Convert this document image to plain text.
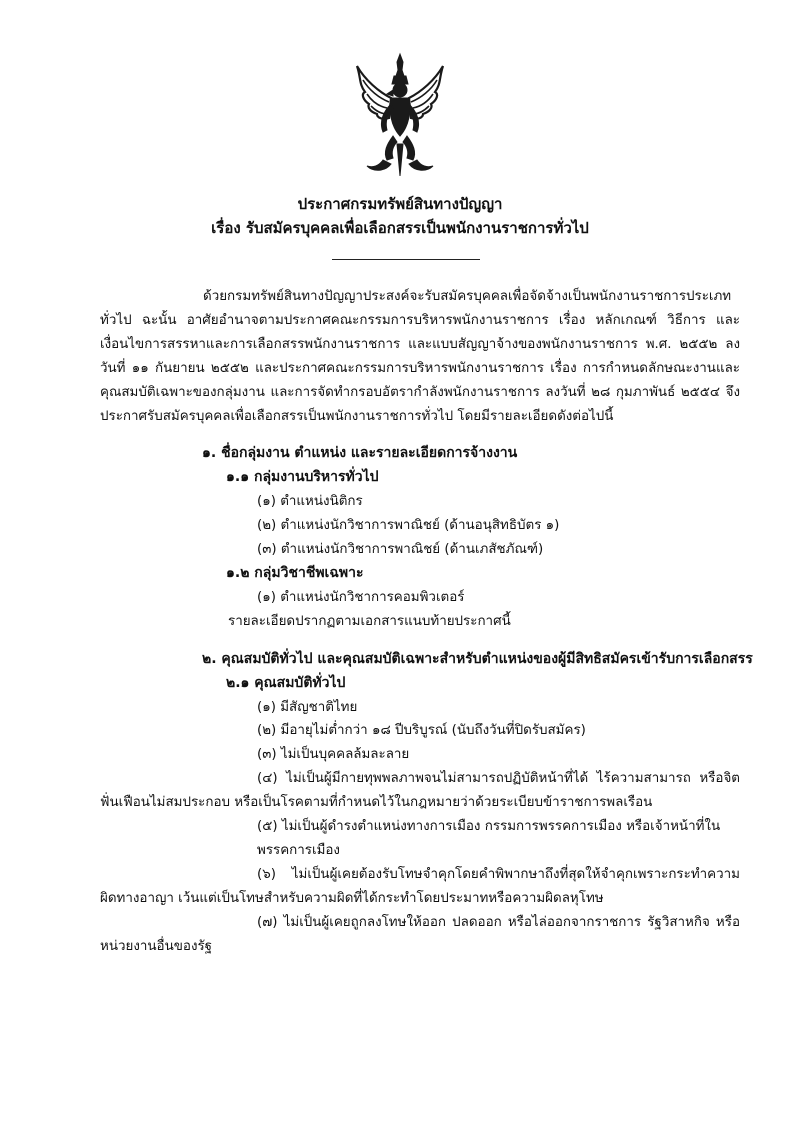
ประกาศกรมทรัพย์สินทางปัญญา
เรื่อง รับสมัครบุคคลเพื่อเลือกสรรเป็นพนักงานราชการทั่วไป

ด้วยกรมทรัพย์สินทางปัญญาประสงค์จะรับสมัครบุคคลเพื่อจัดจ้างเป็นพนักงานราชการประเภททั่วไป ฉะนั้น อาศัยอำนาจตามประกาศคณะกรรมการบริหารพนักงานราชการ เรื่อง หลักเกณฑ์ วิธีการ และเงื่อนไขการสรรหาและการเลือกสรรพนักงานราชการ และแบบสัญญาจ้างของพนักงานราชการ พ.ศ. ๒๕๕๒ ลงวันที่ ๑๑ กันยายน ๒๕๕๒ และประกาศคณะกรรมการบริหารพนักงานราชการ เรื่อง การกำหนดลักษณะงานและคุณสมบัติเฉพาะของกลุ่มงาน และการจัดทำกรอบอัตรากำลังพนักงานราชการ ลงวันที่ ๒๘ กุมภาพันธ์ ๒๕๕๔ จึงประกาศรับสมัครบุคคลเพื่อเลือกสรรเป็นพนักงานราชการทั่วไป โดยมีรายละเอียดดังต่อไปนี้

๑. ชื่อกลุ่มงาน ตำแหน่ง และรายละเอียดการจ้างงาน

๑.๑ กลุ่มงานบริหารทั่วไป

(๑) ตำแหน่งนิติกร

(๒) ตำแหน่งนักวิชาการพาณิชย์ (ด้านอนุสิทธิบัตร ๑)

(๓) ตำแหน่งนักวิชาการพาณิชย์ (ด้านเภสัชภัณฑ์)

๑.๒ กลุ่มวิชาชีพเฉพาะ

(๑) ตำแหน่งนักวิชาการคอมพิวเตอร์

รายละเอียดปรากฏตามเอกสารแนบท้ายประกาศนี้

๒. คุณสมบัติทั่วไป และคุณสมบัติเฉพาะสำหรับตำแหน่งของผู้มีสิทธิสมัครเข้ารับการเลือกสรร

๒.๑ คุณสมบัติทั่วไป

(๑) มีสัญชาติไทย

(๒) มีอายุไม่ต่ำกว่า ๑๘ ปีบริบูรณ์ (นับถึงวันที่ปิดรับสมัคร)

(๓) ไม่เป็นบุคคลล้มละลาย

(๔) ไม่เป็นผู้มีกายทุพพลภาพจนไม่สามารถปฏิบัติหน้าที่ได้ ไร้ความสามารถ หรือจิตฟั่นเฟือนไม่สมประกอบ หรือเป็นโรคตามที่กำหนดไว้ในกฎหมายว่าด้วยระเบียบข้าราชการพลเรือน

(๕) ไม่เป็นผู้ดำรงตำแหน่งทางการเมือง กรรมการพรรคการเมือง หรือเจ้าหน้าที่ในพรรคการเมือง

(๖) ไม่เป็นผู้เคยต้องรับโทษจำคุกโดยคำพิพากษาถึงที่สุดให้จำคุกเพราะกระทำความผิดทางอาญา เว้นแต่เป็นโทษสำหรับความผิดที่ได้กระทำโดยประมาทหรือความผิดลหุโทษ

(๗) ไม่เป็นผู้เคยถูกลงโทษให้ออก ปลดออก หรือไล่ออกจากราชการ รัฐวิสาหกิจ หรือหน่วยงานอื่นของรัฐ
